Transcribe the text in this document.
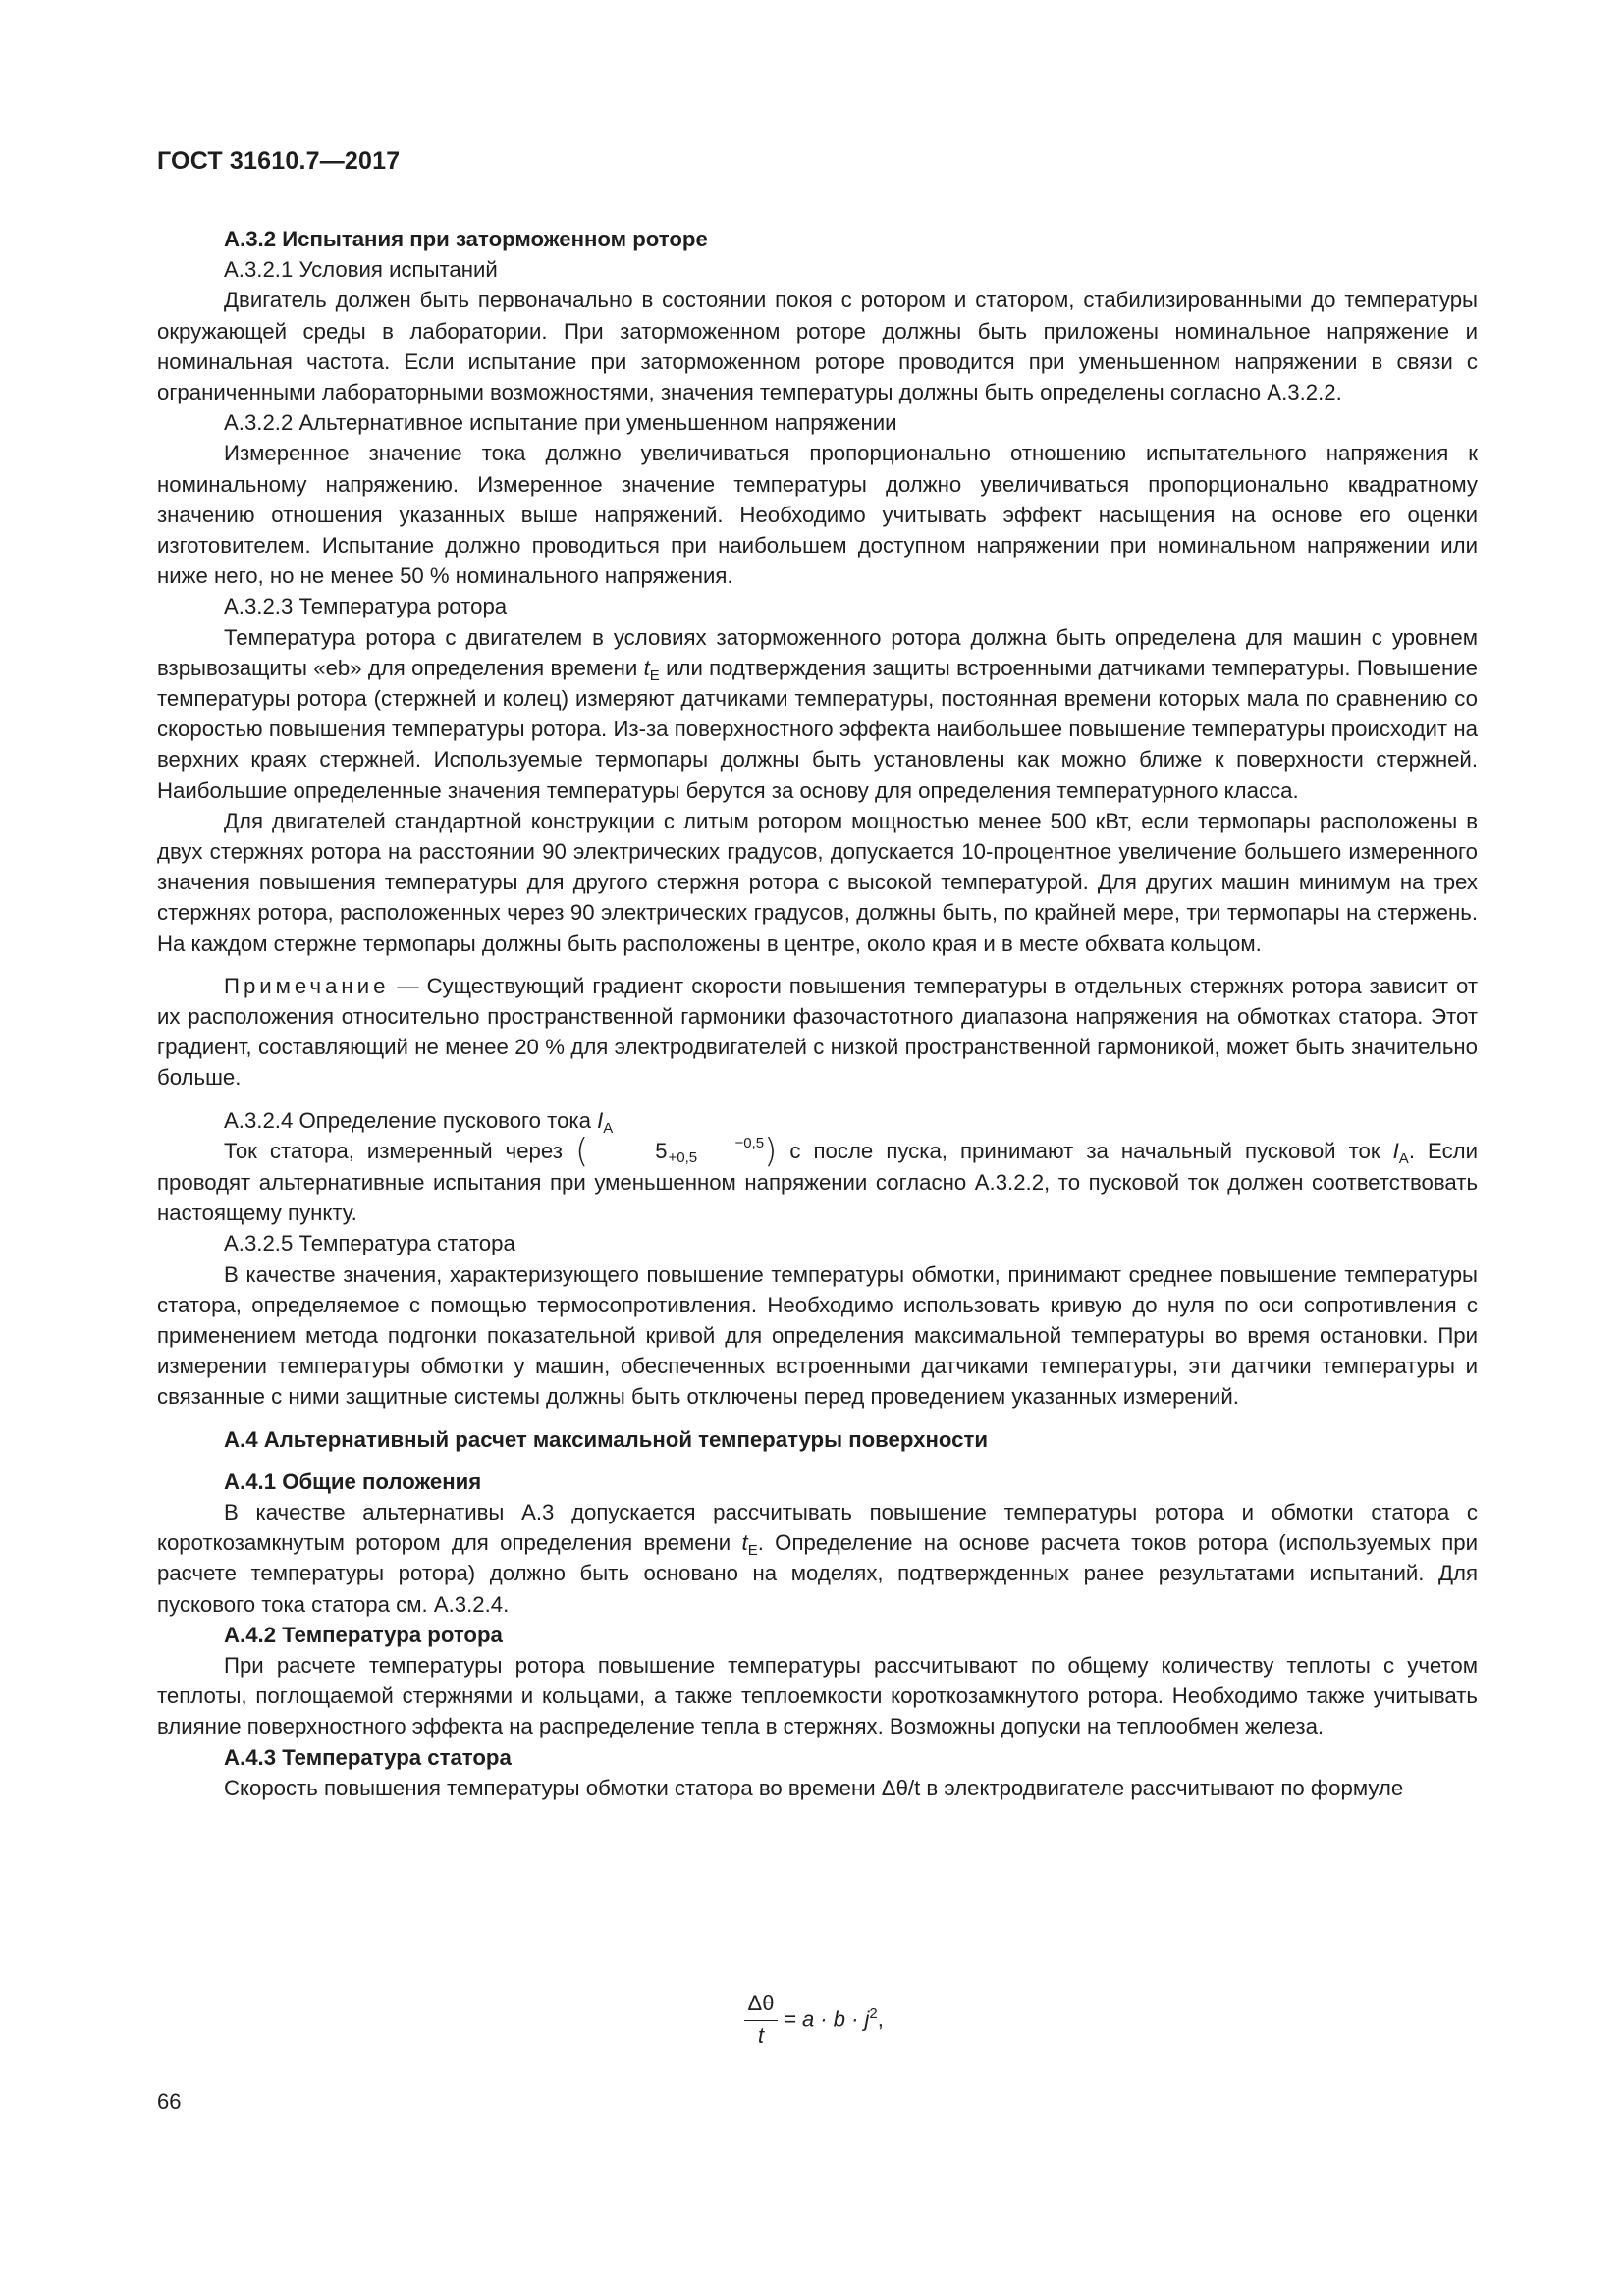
ГОСТ 31610.7—2017

А.3.2 Испытания при заторможенном роторе

А.3.2.1 Условия испытаний

Двигатель должен быть первоначально в состоянии покоя с ротором и статором, стабилизированными до температуры окружающей среды в лаборатории. При заторможенном роторе должны быть приложены номинальное напряжение и номинальная частота. Если испытание при заторможенном роторе проводится при уменьшенном напряжении в связи с ограниченными лабораторными возможностями, значения температуры должны быть определены согласно А.3.2.2.

А.3.2.2 Альтернативное испытание при уменьшенном напряжении

Измеренное значение тока должно увеличиваться пропорционально отношению испытательного напряжения к номинальному напряжению. Измеренное значение температуры должно увеличиваться пропорционально квадратному значению отношения указанных выше напряжений. Необходимо учитывать эффект насыщения на основе его оценки изготовителем. Испытание должно проводиться при наибольшем доступном напряжении при номинальном напряжении или ниже него, но не менее 50 % номинального напряжения.

А.3.2.3 Температура ротора

Температура ротора с двигателем в условиях заторможенного ротора должна быть определена для машин с уровнем взрывозащиты «eb» для определения времени $t_E$ или подтверждения защиты встроенными датчиками температуры. Повышение температуры ротора (стержней и колец) измеряют датчиками температуры, постоянная времени которых мала по сравнению со скоростью повышения температуры ротора. Из-за поверхностного эффекта наибольшее повышение температуры происходит на верхних краях стержней. Используемые термопары должны быть установлены как можно ближе к поверхности стержней. Наибольшие определенные значения температуры берутся за основу для определения температурного класса.

Для двигателей стандартной конструкции с литым ротором мощностью менее 500 кВт, если термопары расположены в двух стержнях ротора на расстоянии 90 электрических градусов, допускается 10-процентное увеличение большего измеренного значения повышения температуры для другого стержня ротора с высокой температурой. Для других машин минимум на трех стержнях ротора, расположенных через 90 электрических градусов, должны быть, по крайней мере, три термопары на стержень. На каждом стержне термопары должны быть расположены в центре, около края и в месте обхвата кольцом.

Примечание — Существующий градиент скорости повышения температуры в отдельных стержнях ротора зависит от их расположения относительно пространственной гармоники фазочастотного диапазона напряжения на обмотках статора. Этот градиент, составляющий не менее 20 % для электродвигателей с низкой пространственной гармоникой, может быть значительно больше.

А.3.2.4 Определение пускового тока $I_A$

Ток статора, измеренный через (	5	−0,5
+0,5 ) с после пуска, принимают за начальный пусковой ток $I_A$. Если проводят альтернативные испытания при уменьшенном напряжении согласно А.3.2.2, то пусковой ток должен соответствовать настоящему пункту.

А.3.2.5 Температура статора

В качестве значения, характеризующего повышение температуры обмотки, принимают среднее повышение температуры статора, определяемое с помощью термосопротивления. Необходимо использовать кривую до нуля по оси сопротивления с применением метода подгонки показательной кривой для определения максимальной температуры во время остановки. При измерении температуры обмотки у машин, обеспеченных встроенными датчиками температуры, эти датчики температуры и связанные с ними защитные системы должны быть отключены перед проведением указанных измерений.

А.4 Альтернативный расчет максимальной температуры поверхности

А.4.1 Общие положения

В качестве альтернативы А.3 допускается рассчитывать повышение температуры ротора и обмотки статора с короткозамкнутым ротором для определения времени $t_E$. Определение на основе расчета токов ротора (используемых при расчете температуры ротора) должно быть основано на моделях, подтвержденных ранее результатами испытаний. Для пускового тока статора см. А.3.2.4.

А.4.2 Температура ротора

При расчете температуры ротора повышение температуры рассчитывают по общему количеству теплоты с учетом теплоты, поглощаемой стержнями и кольцами, а также теплоемкости короткозамкнутого ротора. Необходимо также учитывать влияние поверхностного эффекта на распределение тепла в стержнях. Возможны допуски на теплообмен железа.

А.4.3 Температура статора

Скорость повышения температуры обмотки статора во времени Δθ/t в электродвигателе рассчитывают по формуле

Δθ
t
= $a \cdot b \cdot j^2$,
66
